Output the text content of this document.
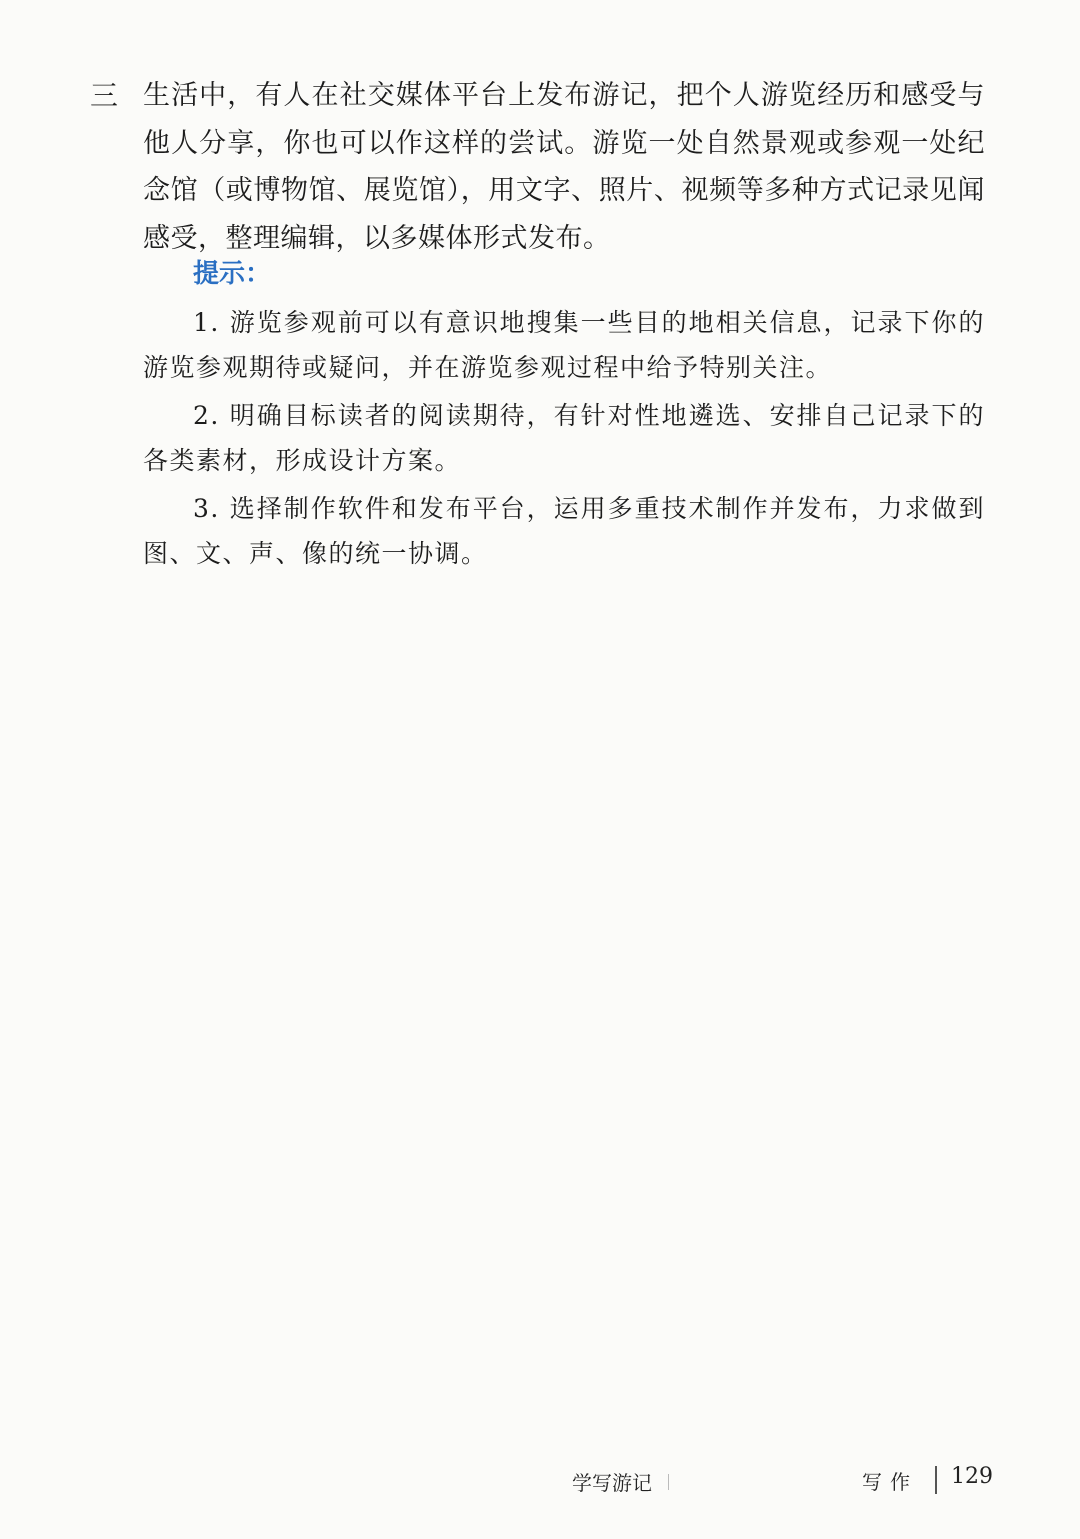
三 生活中，有人在社交媒体平台上发布游记，把个人游览经历和感受与他人分享，你也可以作这样的尝试。游览一处自然景观或参观一处纪念馆（或博物馆、展览馆），用文字、照片、视频等多种方式记录见闻感受，整理编辑，以多媒体形式发布。
提示：

1. 游览参观前可以有意识地搜集一些目的地相关信息，记录下你的游览参观期待或疑问，并在游览参观过程中给予特别关注。

2. 明确目标读者的阅读期待，有针对性地遴选、安排自己记录下的各类素材，形成设计方案。

3. 选择制作软件和发布平台，运用多重技术制作并发布，力求做到图、文、声、像的统一协调。

学写游记	写作 129
